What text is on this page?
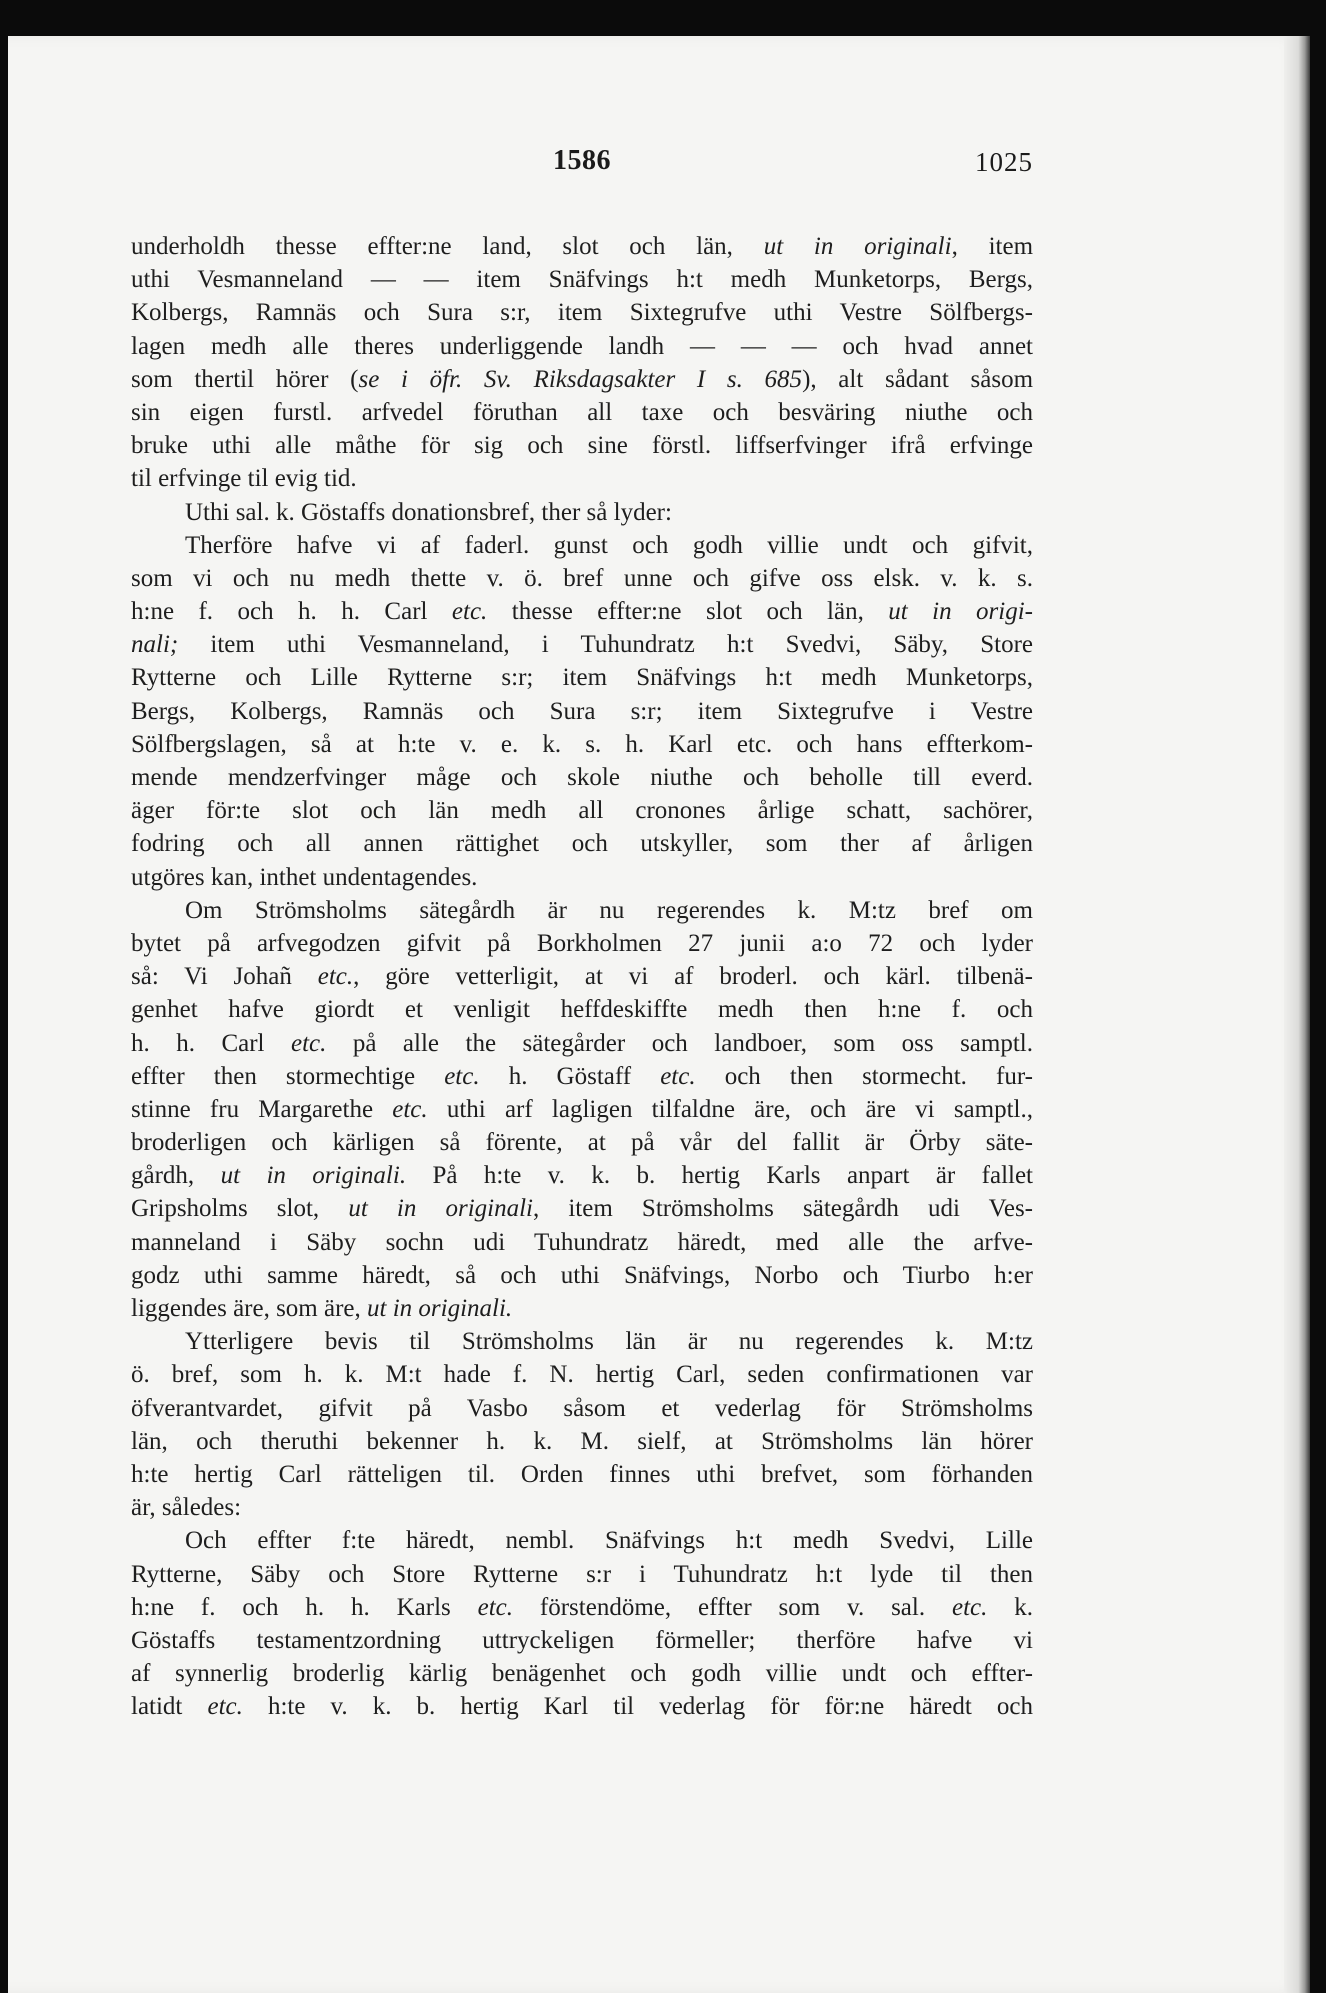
1586	1025
underholdh thesse effter:ne land, slot och län, ut in originali, item
uthi Vesmanneland — — item Snäfvings h:t medh Munketorps, Bergs,
Kolbergs, Ramnäs och Sura s:r, item Sixtegrufve uthi Vestre Sölfbergs-
lagen medh alle theres underliggende landh — — — och hvad annet
som thertil hörer (se i öfr. Sv. Riksdagsakter I s. 685), alt sådant såsom
sin eigen furstl. arfvedel föruthan all taxe och besväring niuthe och
bruke uthi alle måthe för sig och sine förstl. liffserfvinger ifrå erfvinge
til erfvinge til evig tid.
Uthi sal. k. Göstaffs donationsbref, ther så lyder:
Therföre hafve vi af faderl. gunst och godh villie undt och gifvit,
som vi och nu medh thette v. ö. bref unne och gifve oss elsk. v. k. s.
h:ne f. och h. h. Carl etc. thesse effter:ne slot och län, ut in origi-
nali; item uthi Vesmanneland, i Tuhundratz h:t Svedvi, Säby, Store
Rytterne och Lille Rytterne s:r; item Snäfvings h:t medh Munketorps,
Bergs, Kolbergs, Ramnäs och Sura s:r; item Sixtegrufve i Vestre
Sölfbergslagen, så at h:te v. e. k. s. h. Karl etc. och hans effterkom-
mende mendzerfvinger måge och skole niuthe och beholle till everd.
äger för:te slot och län medh all cronones årlige schatt, sachörer,
fodring och all annen rättighet och utskyller, som ther af årligen
utgöres kan, inthet undentagendes.
Om Strömsholms sätegårdh är nu regerendes k. M:tz bref om
bytet på arfvegodzen gifvit på Borkholmen 27 junii a:o 72 och lyder
så: Vi Johañ etc., göre vetterligit, at vi af broderl. och kärl. tilbenä-
genhet hafve giordt et venligit heffdeskiffte medh then h:ne f. och
h. h. Carl etc. på alle the sätegårder och landboer, som oss samptl.
effter then stormechtige etc. h. Göstaff etc. och then stormecht. fur-
stinne fru Margarethe etc. uthi arf lagligen tilfaldne äre, och äre vi samptl.,
broderligen och kärligen så förente, at på vår del fallit är Örby säte-
gårdh, ut in originali. På h:te v. k. b. hertig Karls anpart är fallet
Gripsholms slot, ut in originali, item Strömsholms sätegårdh udi Ves-
manneland i Säby sochn udi Tuhundratz häredt, med alle the arfve-
godz uthi samme häredt, så och uthi Snäfvings, Norbo och Tiurbo h:er
liggendes äre, som äre, ut in originali.
Ytterligere bevis til Strömsholms län är nu regerendes k. M:tz
ö. bref, som h. k. M:t hade f. N. hertig Carl, seden confirmationen var
öfverantvardet, gifvit på Vasbo såsom et vederlag för Strömsholms
län, och theruthi bekenner h. k. M. sielf, at Strömsholms län hörer
h:te hertig Carl rätteligen til. Orden finnes uthi brefvet, som förhanden
är, således:
Och effter f:te häredt, nembl. Snäfvings h:t medh Svedvi, Lille
Rytterne, Säby och Store Rytterne s:r i Tuhundratz h:t lyde til then
h:ne f. och h. h. Karls etc. förstendöme, effter som v. sal. etc. k.
Göstaffs testamentzordning uttryckeligen förmeller; therföre hafve vi
af synnerlig broderlig kärlig benägenhet och godh villie undt och effter-
latidt etc. h:te v. k. b. hertig Karl til vederlag för för:ne häredt och
